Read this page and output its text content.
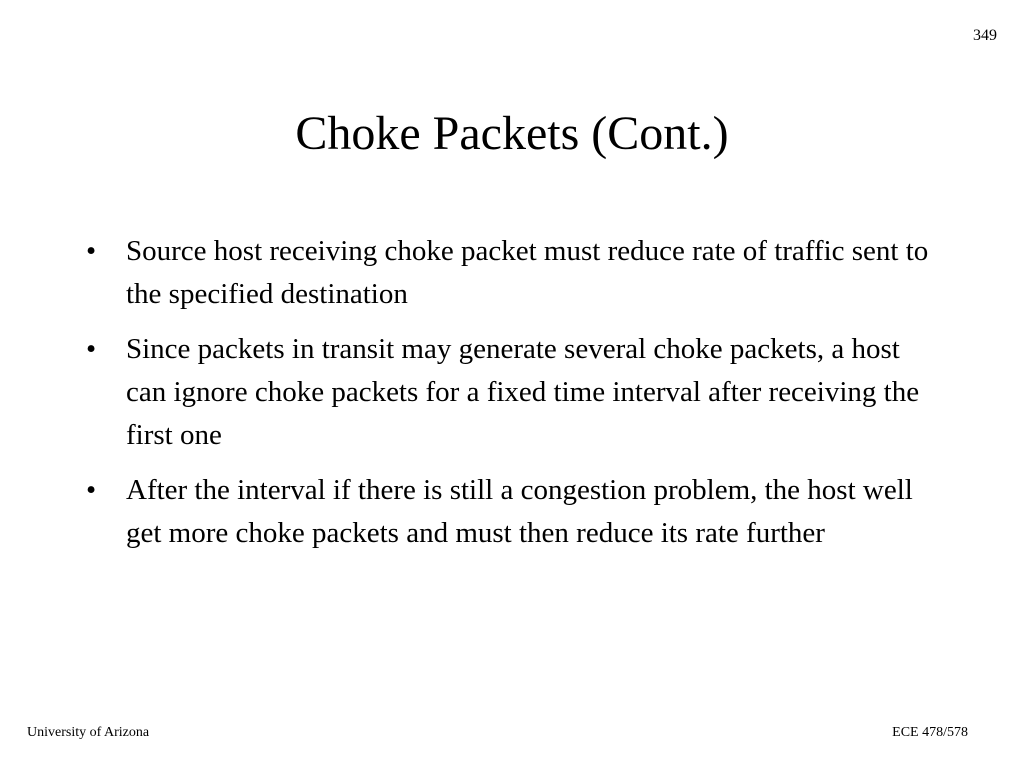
349
Choke Packets (Cont.)
•	Source host receiving choke packet must reduce rate of traffic sent to the specified destination
•	Since packets in transit may generate several choke packets, a host can ignore choke packets for a fixed time interval after receiving the first one
•	After the interval if there is still a congestion problem, the host well get more choke packets and must then reduce its rate further
University of Arizona	ECE 478/578
